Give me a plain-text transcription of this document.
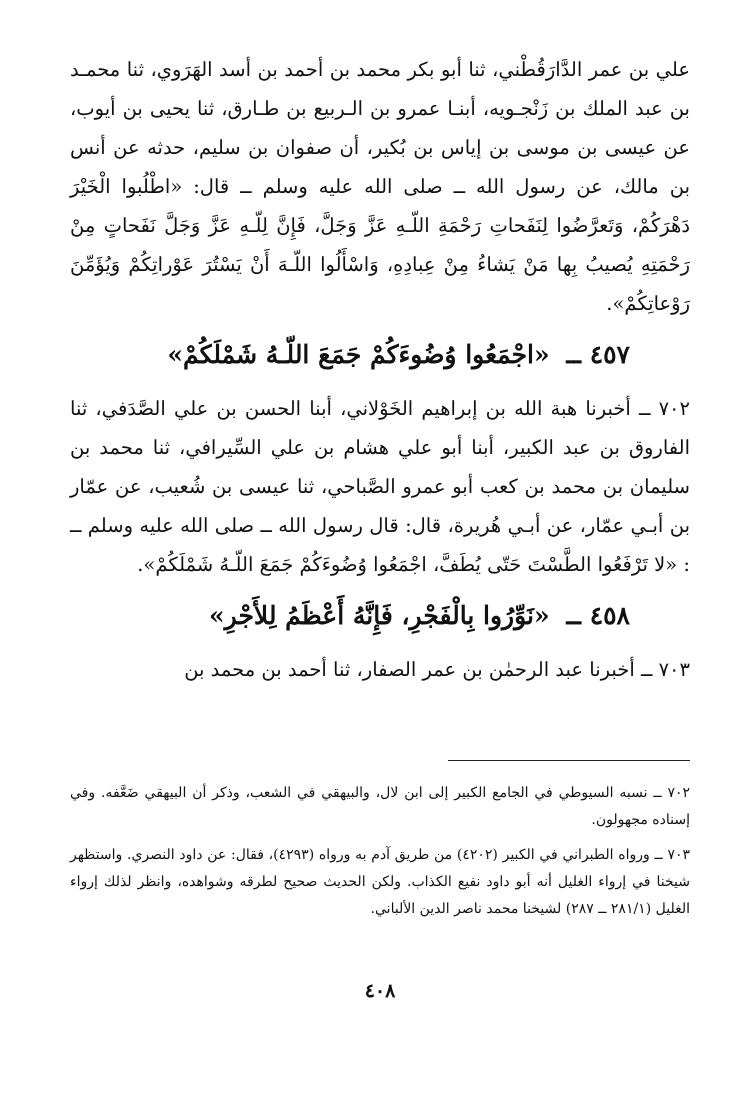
علي بن عمر الدَّارَقُطْني، ثنا أبو بكر محمد بن أحمد بن أسد الهَرَوي، ثنا محمـد بن عبد الملك بن زَنْجـويه، أبنـا عمرو بن الـربيع بن طـارق، ثنا يحيى بن أيوب، عن عيسى بن موسى بن إياس بن بُكير، أن صفوان بن سليم، حدثه عن أنس بن مالك، عن رسول الله ــ صلى الله عليه وسلم ــ قال: «اطْلُبوا الْخَيْرَ دَهْرَكُمْ، وَتَعرَّضُوا لِنَفَحاتِ رَحْمَةِ اللّـهِ عَزَّ وَجَلَّ، فَإِنَّ لِلّـهِ عَزَّ وَجَلَّ نَفَحاتٍ مِنْ رَحْمَتِهِ يُصيبُ بِها مَنْ يَشاءُ مِنْ عِبادِهِ، وَاسْأَلُوا اللّـهَ أَنْ يَسْتُرَ عَوْراتِكُمْ وَيُؤَمِّنَ رَوْعاتِكُمْ».

٤٥٧ ــ «اجْمَعُوا وُضُوءَكُمْ جَمَعَ اللّـهُ شَمْلَكُمْ»

٧٠٢ ــ أخبرنا هبة الله بن إبراهيم الخَوْلاني، أبنا الحسن بن علي الصَّدَفي، ثنا الفاروق بن عبد الكبير، أبنا أبو علي هشام بن علي السِّيرافي، ثنا محمد بن سليمان بن محمد بن كعب أبو عمرو الصَّباحي، ثنا عيسى بن شُعيب، عن عمّار بن أبـي عمّار، عن أبـي هُريرة، قال: قال رسول الله ــ صلى الله عليه وسلم ــ : «لا تَرْفَعُوا الطَّسْتَ حَتّى يُطَفَّ، اجْمَعُوا وُضُوءَكُمْ جَمَعَ اللّـهُ شَمْلَكُمْ».

٤٥٨ ــ «نَوِّرُوا بِالْفَجْرِ، فَإِنَّهُ أَعْظَمُ لِلأَجْرِ»

٧٠٣ ــ أخبرنا عبد الرحمٰن بن عمر الصفار، ثنا أحمد بن محمد بن

٧٠٢ ــ نسبه السيوطي في الجامع الكبير إلى ابن لال، والبيهقي في الشعب، وذكر أن البيهقي ضَعَّفه. وفي إسناده مجهولون.

٧٠٣ ــ ورواه الطبراني في الكبير (٤٢٠٢) من طريق آدم به ورواه (٤٢٩٣)، فقال: عن داود النصري. واستظهر شيخنا في إرواء الغليل أنه أبو داود نفيع الكذاب. ولكن الحديث صحيح لطرقه وشواهده، وانظر لذلك إرواء الغليل (٢٨١/١ ــ ٢٨٧) لشيخنا محمد ناصر الدين الألباني.

٤٠٨
